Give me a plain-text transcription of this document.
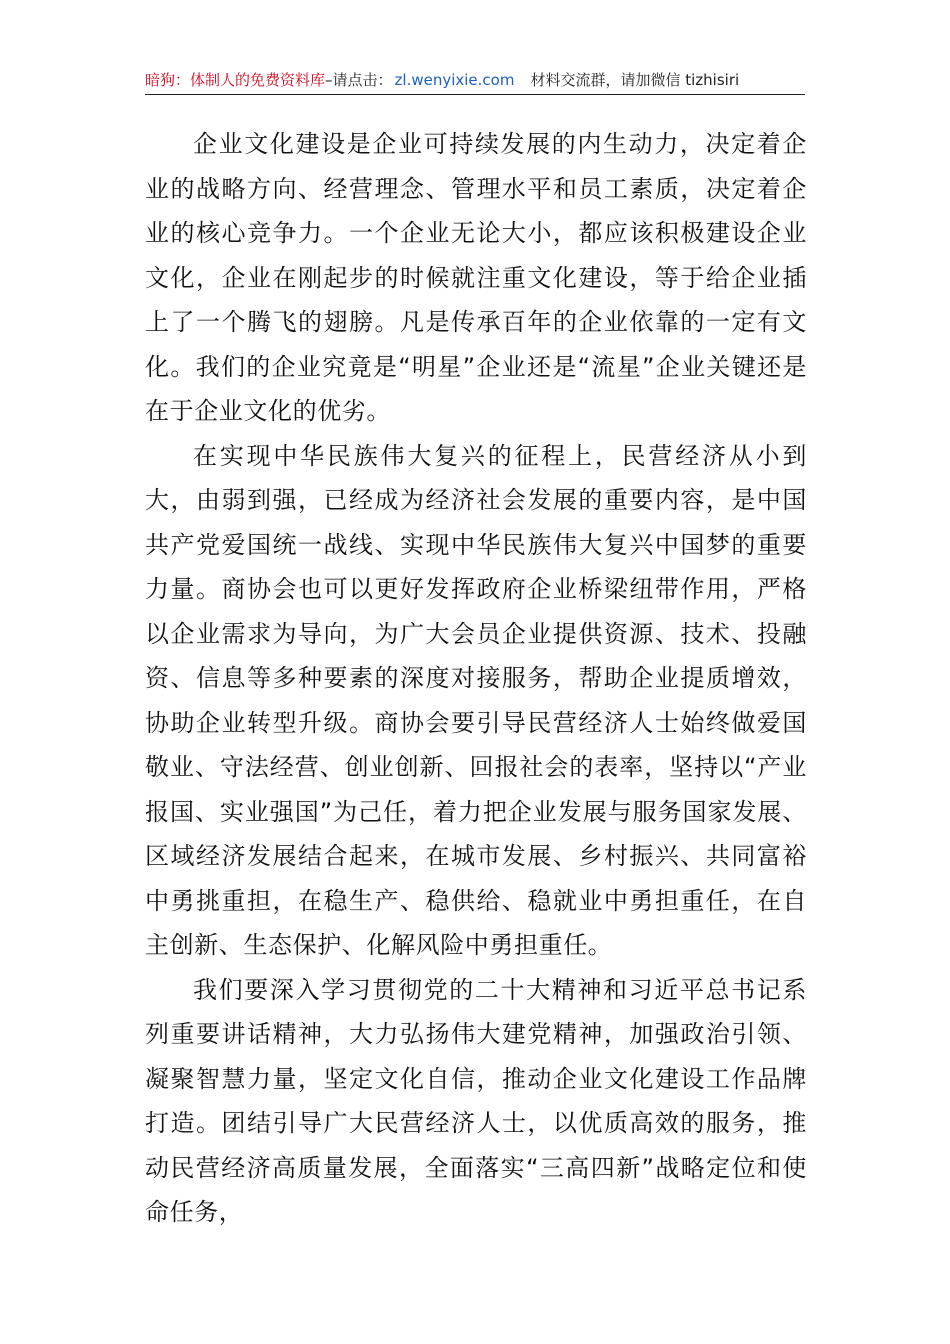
暗狗：体制人的免费资料库–请点击： zl.wenyixie.com 材料交流群，请加微信 tizhisiri

企业文化建设是企业可持续发展的内生动力，决定着企业的战略方向、经营理念、管理水平和员工素质，决定着企业的核心竞争力。一个企业无论大小，都应该积极建设企业文化，企业在刚起步的时候就注重文化建设，等于给企业插上了一个腾飞的翅膀。凡是传承百年的企业依靠的一定有文化。我们的企业究竟是“明星”企业还是“流星”企业关键还是在于企业文化的优劣。

在实现中华民族伟大复兴的征程上，民营经济从小到大，由弱到强，已经成为经济社会发展的重要内容，是中国共产党爱国统一战线、实现中华民族伟大复兴中国梦的重要力量。商协会也可以更好发挥政府企业桥梁纽带作用，严格以企业需求为导向，为广大会员企业提供资源、技术、投融资、信息等多种要素的深度对接服务，帮助企业提质增效，协助企业转型升级。商协会要引导民营经济人士始终做爱国敬业、守法经营、创业创新、回报社会的表率，坚持以“产业报国、实业强国”为己任，着力把企业发展与服务国家发展、区域经济发展结合起来，在城市发展、乡村振兴、共同富裕中勇挑重担，在稳生产、稳供给、稳就业中勇担重任，在自主创新、生态保护、化解风险中勇担重任。

我们要深入学习贯彻党的二十大精神和习近平总书记系列重要讲话精神，大力弘扬伟大建党精神，加强政治引领、凝聚智慧力量，坚定文化自信，推动企业文化建设工作品牌打造。团结引导广大民营经济人士，以优质高效的服务，推动民营经济高质量发展，全面落实“三高四新”战略定位和使命任务，
